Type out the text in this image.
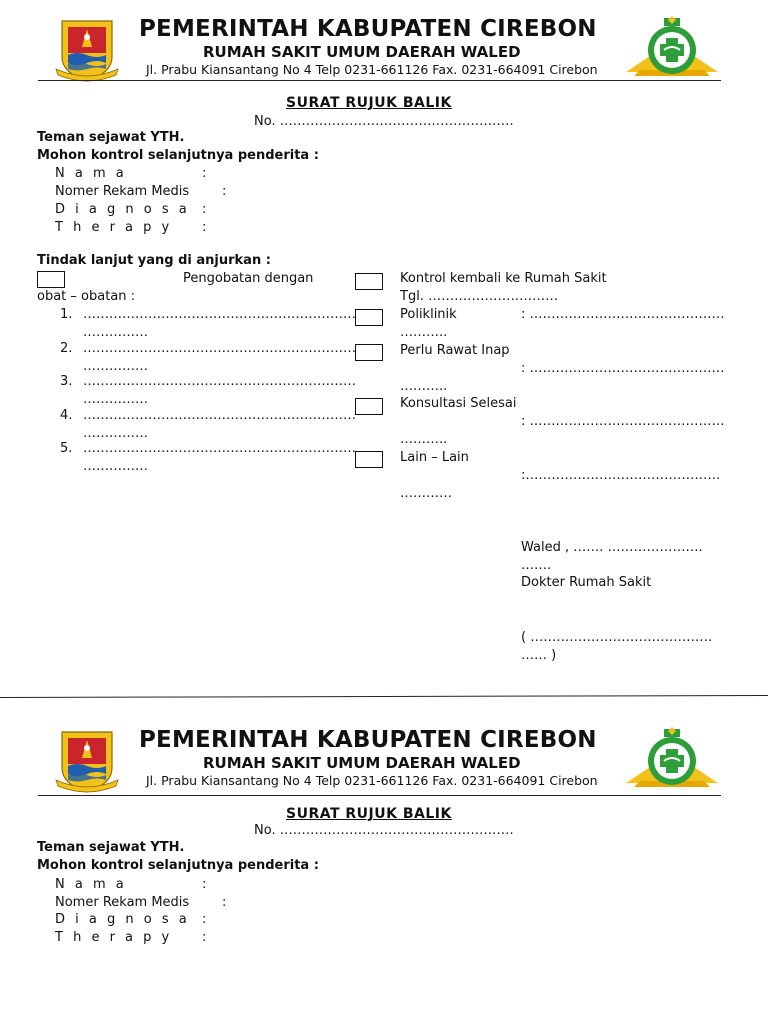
PEMERINTAH KABUPATEN CIREBON
RUMAH SAKIT UMUM DAERAH WALED
Jl. Prabu Kiansantang No 4 Telp 0231-661126 Fax. 0231-664091 Cirebon
SURAT RUJUK BALIK
No. ………………………………………………
Teman sejawat YTH.
Mohon kontrol selanjutnya penderita :
N a m a	:
Nomer Rekam Medis	:
D i a g n o s a :
T h e r a p y :
Tindak lanjut yang di anjurkan :
Pengobatan dengan
obat – obatan :
1. ………………………………………………………
……………
2. ………………………………………………………
……………
3. ………………………………………………………
……………
4. ………………………………………………………
……………
5. ………………………………………………………
……………
Kontrol kembali ke Rumah Sakit
Tgl. …………………………
Poliklinik	: ………………………………………
………..
Perlu Rawat Inap
: ………………………………………
………..
Konsultasi Selesai
: ………………………………………
………..
Lain – Lain
:………………………………………
…………
Waled , ……. ………………….
…….
Dokter Rumah Sakit
( ……………………………………
…… )
PEMERINTAH KABUPATEN CIREBON
RUMAH SAKIT UMUM DAERAH WALED
Jl. Prabu Kiansantang No 4 Telp 0231-661126 Fax. 0231-664091 Cirebon
SURAT RUJUK BALIK
No. ………………………………………………
Teman sejawat YTH.
Mohon kontrol selanjutnya penderita :
N a m a	:
Nomer Rekam Medis	:
D i a g n o s a :
T h e r a p y :
